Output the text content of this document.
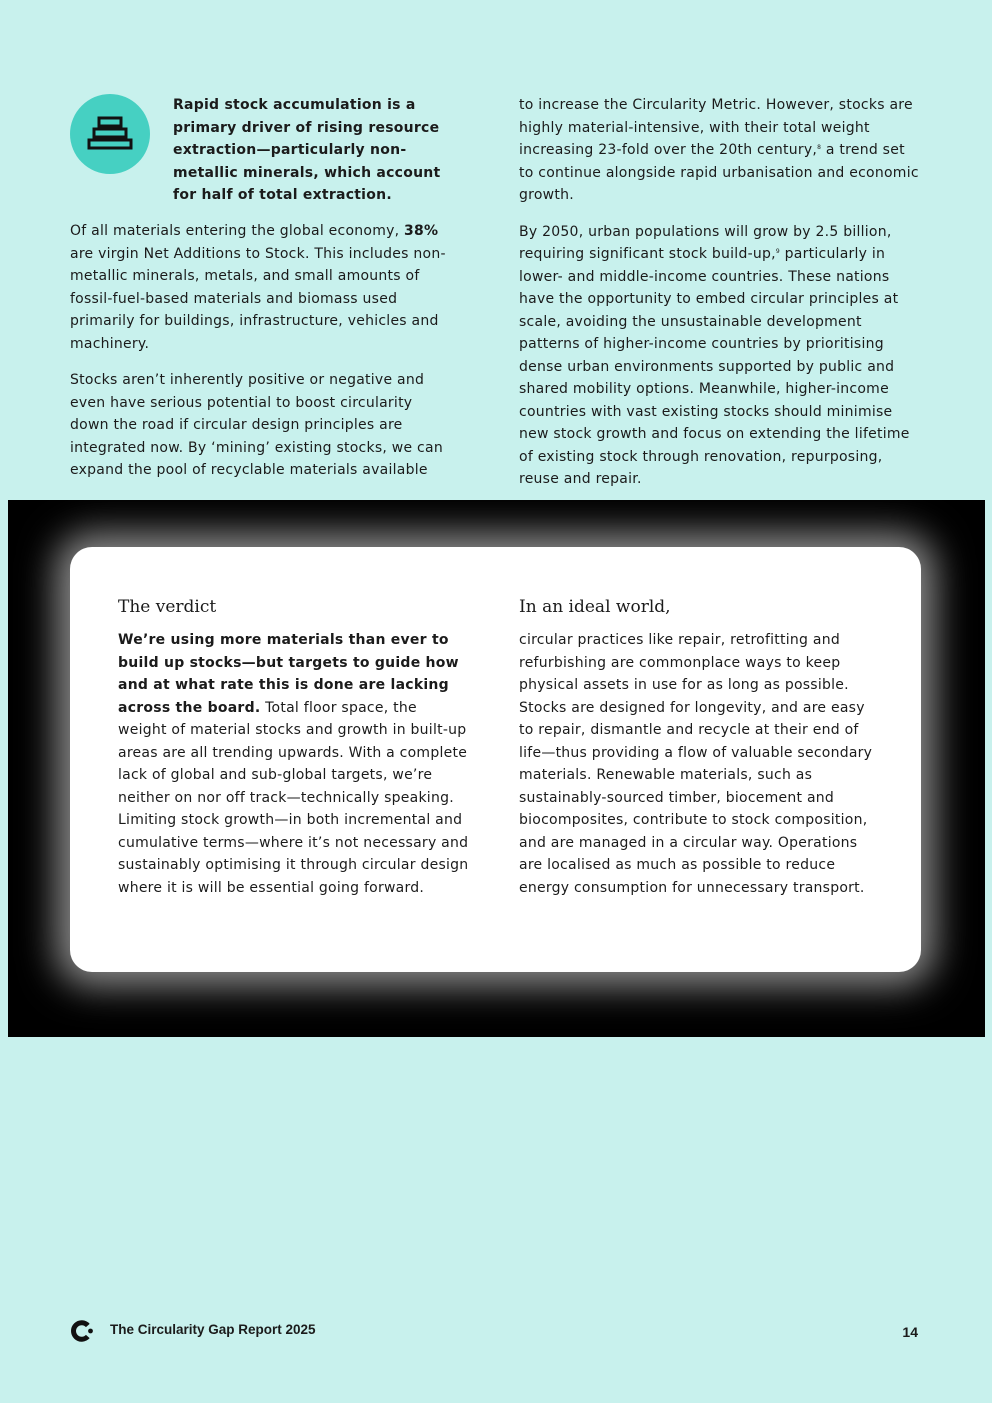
Rapid stock accumulation is a primary driver of rising resource extraction—particularly non-metallic minerals, which account for half of total extraction.

Of all materials entering the global economy, 38% are virgin Net Additions to Stock. This includes non-metallic minerals, metals, and small amounts of fossil-fuel-based materials and biomass used primarily for buildings, infrastructure, vehicles and machinery.

Stocks aren’t inherently positive or negative and even have serious potential to boost circularity down the road if circular design principles are integrated now. By ‘mining’ existing stocks, we can expand the pool of recyclable materials available

to increase the Circularity Metric. However, stocks are highly material-intensive, with their total weight increasing 23-fold over the 20th century,$^8$ a trend set to continue alongside rapid urbanisation and economic growth.

By 2050, urban populations will grow by 2.5 billion, requiring significant stock build-up,$^9$ particularly in lower- and middle-income countries. These nations have the opportunity to embed circular principles at scale, avoiding the unsustainable development patterns of higher-income countries by prioritising dense urban environments supported by public and shared mobility options. Meanwhile, higher-income countries with vast existing stocks should minimise new stock growth and focus on extending the lifetime of existing stock through renovation, repurposing, reuse and repair.

The verdict

We’re using more materials than ever to build up stocks—but targets to guide how and at what rate this is done are lacking across the board. Total floor space, the weight of material stocks and growth in built-up areas are all trending upwards. With a complete lack of global and sub-global targets, we’re neither on nor off track—technically speaking. Limiting stock growth—in both incremental and cumulative terms—where it’s not necessary and sustainably optimising it through circular design where it is will be essential going forward.

In an ideal world,

circular practices like repair, retrofitting and refurbishing are commonplace ways to keep physical assets in use for as long as possible. Stocks are designed for longevity, and are easy to repair, dismantle and recycle at their end of life—thus providing a flow of valuable secondary materials. Renewable materials, such as sustainably-sourced timber, biocement and biocomposites, contribute to stock composition, and are managed in a circular way. Operations are localised as much as possible to reduce energy consumption for unnecessary transport.

The Circularity Gap Report 2025	14
